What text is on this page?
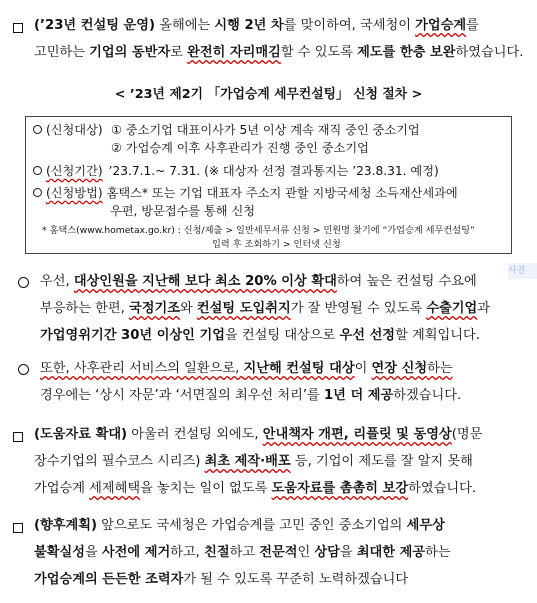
(’23년 컨설팅 운영) 올해에는 시행 2년 차를 맞이하여, 국세청이 가업승계를
고민하는 기업의 동반자로 완전히 자리매김할 수 있도록 제도를 한층 보완하였습니다.
< ’23년 제2기 「가업승계 세무컨설팅」 신청 절차 >
(신청대상) ① 중소기업 대표이사가 5년 이상 계속 재직 중인 중소기업
② 가업승계 이후 사후관리가 진행 중인 중소기업
(신청기간) ’23.7.1.~ 7.31. (※ 대상자 선정 결과통지는 ’23.8.31. 예정)
(신청방법) 홈택스* 또는 기업 대표자 주소지 관할 지방국세청 소득재산세과에
우편, 방문접수를 통해 신청
* 홈택스(www.hometax.go.kr) : 신청/제출 > 일반세무서류 신청 > 민원명 찾기에 “가업승계 세무컨설팅”
입력 후 조회하기 > 인터넷 신청
사진
우선, 대상인원을 지난해 보다 최소 20% 이상 확대하여 높은 컨설팅 수요에
부응하는 한편, 국정기조와 컨설팅 도입취지가 잘 반영될 수 있도록 수출기업과
가업영위기간 30년 이상인 기업을 컨설팅 대상으로 우선 선정할 계획입니다.
또한, 사후관리 서비스의 일환으로, 지난해 컨설팅 대상이 연장 신청하는
경우에는 ‘상시 자문’과 ‘서면질의 최우선 처리’를 1년 더 제공하겠습니다.
(도움자료 확대) 아울러 컨설팅 외에도, 안내책자 개편, 리플릿 및 동영상(명문
장수기업의 필수코스 시리즈) 최초 제작·배포 등, 기업이 제도를 잘 알지 못해
가업승계 세제혜택을 놓치는 일이 없도록 도움자료를 촘촘히 보강하였습니다.
(향후계획) 앞으로도 국세청은 가업승계를 고민 중인 중소기업의 세무상
불확실성을 사전에 제거하고, 친절하고 전문적인 상담을 최대한 제공하는
가업승계의 든든한 조력자가 될 수 있도록 꾸준히 노력하겠습니다
